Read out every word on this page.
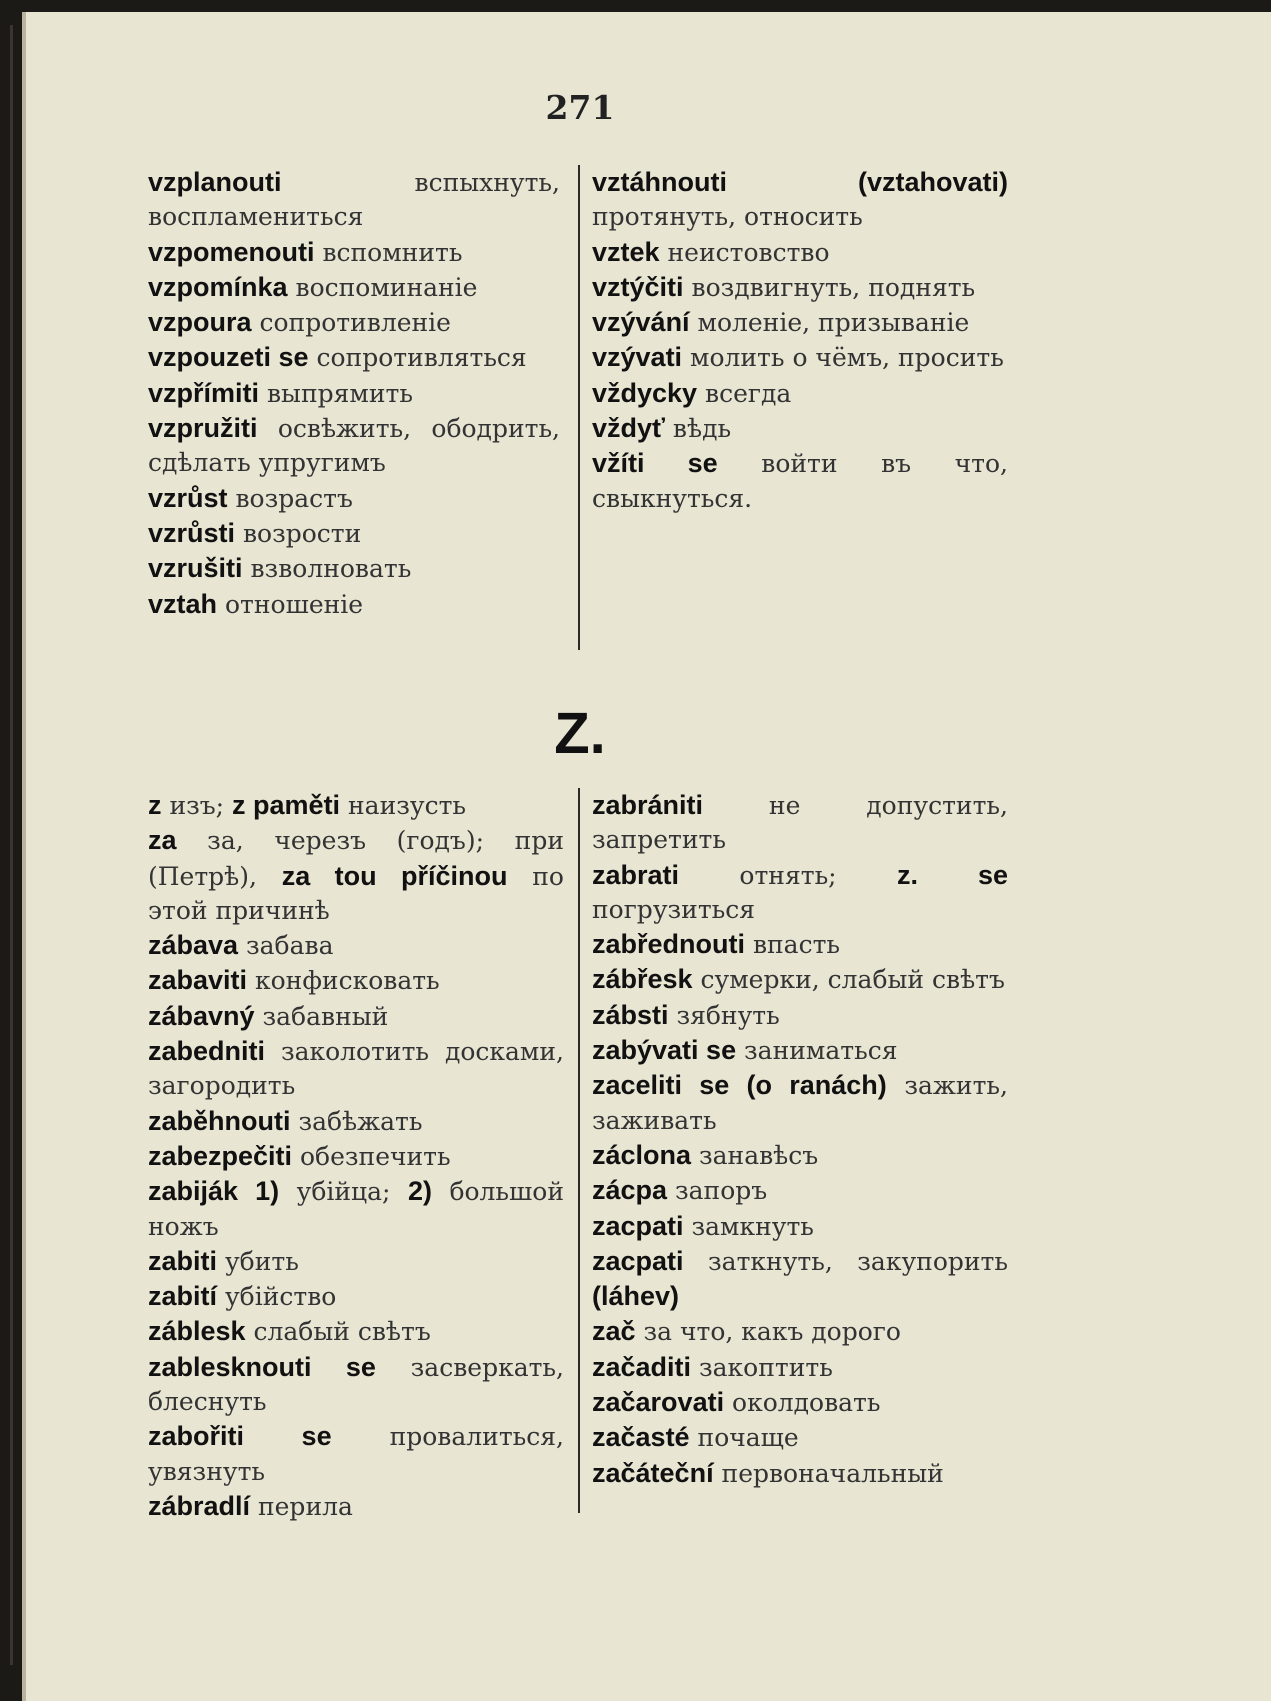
271
vzplanouti вспыхнуть, воспламениться
vzpomenouti вспомнить
vzpomínka воспоминаніе
vzpoura сопротивленіе
vzpouzeti se сопротивляться
vzpřímiti выпрямить
vzpružiti освѣжить, ободрить, сдѣлать упругимъ
vzrůst возрастъ
vzrůsti возрости
vzrušiti взволновать
vztah отношеніе
vztáhnouti (vztahovati) протянуть, относить
vztek неистовство
vztýčiti воздвигнуть, поднять
vzývání моленіе, призываніе
vzývati молить о чёмъ, просить
vždycky всегда
vždyť вѣдь
vžíti se войти въ что, свыкнуться.
Z.
z изъ; z paměti наизусть
za за, черезъ (годъ); при (Петрѣ), za tou příčinou по этой причинѣ
zábava забава
zabaviti конфисковать
zábavný забавный
zabedniti заколотить досками, загородить
zaběhnouti забѣжать
zabezpečiti обезпечить
zabiják 1) убійца; 2) большой ножъ
zabiti убить
zabití убійство
záblesk слабый свѣтъ
zablesknouti se засверкать, блеснуть
zabořiti se провалиться, увязнуть
zábradlí перила
zabrániti не допустить, запретить
zabrati отнять; z. se погрузиться
zabřednouti впасть
zábřesk сумерки, слабый свѣтъ
zábsti зябнуть
zabývati se заниматься
zaceliti se (o ranách) зажить, заживать
záclona занавѣсъ
zácpa запоръ
zacpati замкнуть
zacpati заткнуть, закупорить (láhev)
zač за что, какъ дорого
začaditi закоптить
začarovati околдовать
začasté почаще
začáteční первоначальный
